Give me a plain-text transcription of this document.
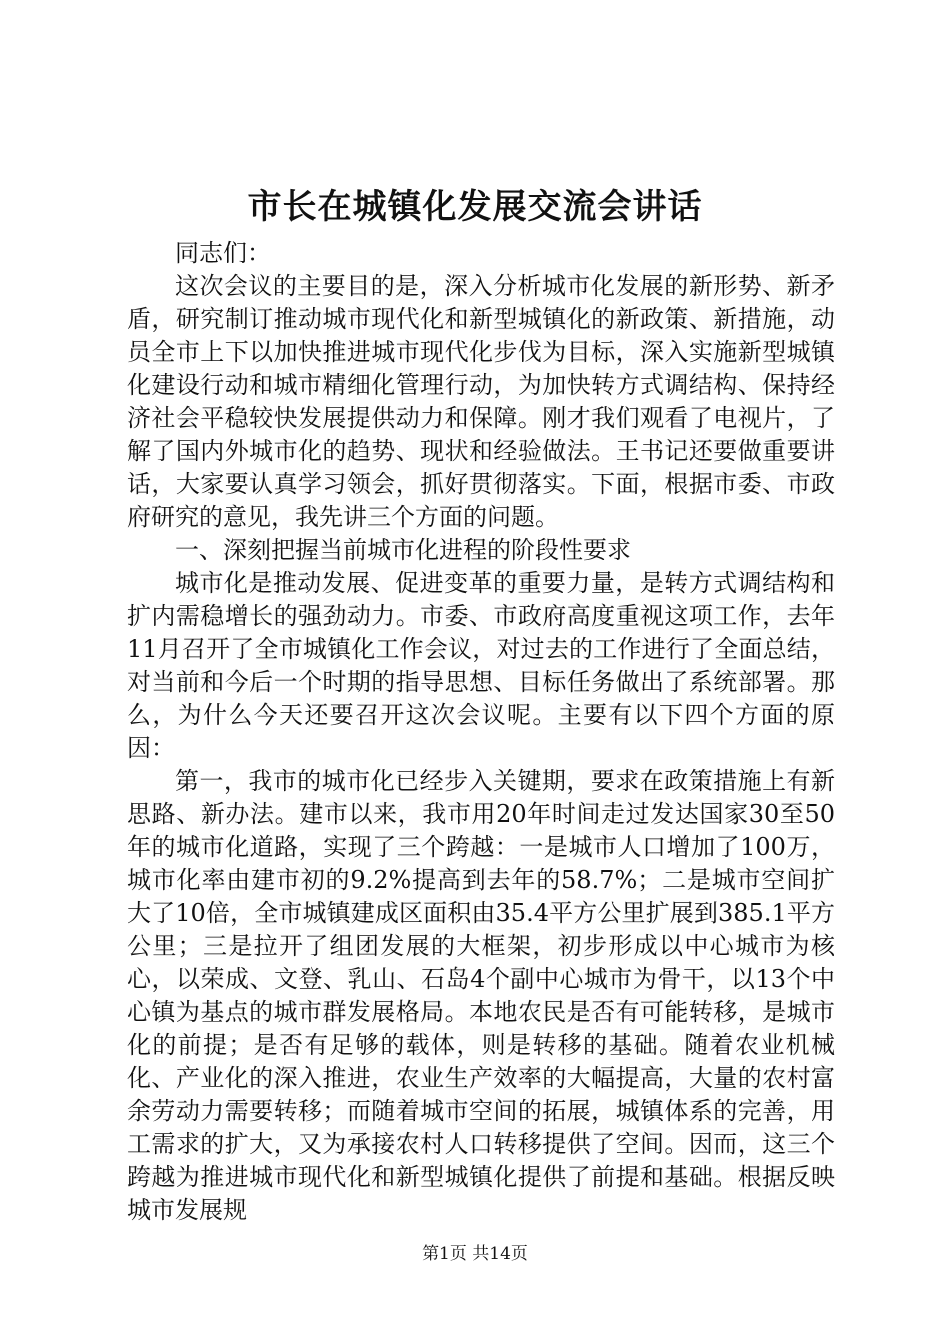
市长在城镇化发展交流会讲话

同志们：

这次会议的主要目的是，深入分析城市化发展的新形势、新矛盾，研究制订推动城市现代化和新型城镇化的新政策、新措施，动员全市上下以加快推进城市现代化步伐为目标，深入实施新型城镇化建设行动和城市精细化管理行动，为加快转方式调结构、保持经济社会平稳较快发展提供动力和保障。刚才我们观看了电视片，了解了国内外城市化的趋势、现状和经验做法。王书记还要做重要讲话，大家要认真学习领会，抓好贯彻落实。下面，根据市委、市政府研究的意见，我先讲三个方面的问题。

一、深刻把握当前城市化进程的阶段性要求

城市化是推动发展、促进变革的重要力量，是转方式调结构和扩内需稳增长的强劲动力。市委、市政府高度重视这项工作，去年11月召开了全市城镇化工作会议，对过去的工作进行了全面总结，对当前和今后一个时期的指导思想、目标任务做出了系统部署。那么，为什么今天还要召开这次会议呢。主要有以下四个方面的原因：

第一，我市的城市化已经步入关键期，要求在政策措施上有新思路、新办法。建市以来，我市用20年时间走过发达国家30至50年的城市化道路，实现了三个跨越：一是城市人口增加了100万，城市化率由建市初的9.2%提高到去年的58.7%；二是城市空间扩大了10倍，全市城镇建成区面积由35.4平方公里扩展到385.1平方公里；三是拉开了组团发展的大框架，初步形成以中心城市为核心，以荣成、文登、乳山、石岛4个副中心城市为骨干，以13个中心镇为基点的城市群发展格局。本地农民是否有可能转移，是城市化的前提；是否有足够的载体，则是转移的基础。随着农业机械化、产业化的深入推进，农业生产效率的大幅提高，大量的农村富余劳动力需要转移；而随着城市空间的拓展，城镇体系的完善，用工需求的扩大，又为承接农村人口转移提供了空间。因而，这三个跨越为推进城市现代化和新型城镇化提供了前提和基础。根据反映城市发展规

第1页 共14页
